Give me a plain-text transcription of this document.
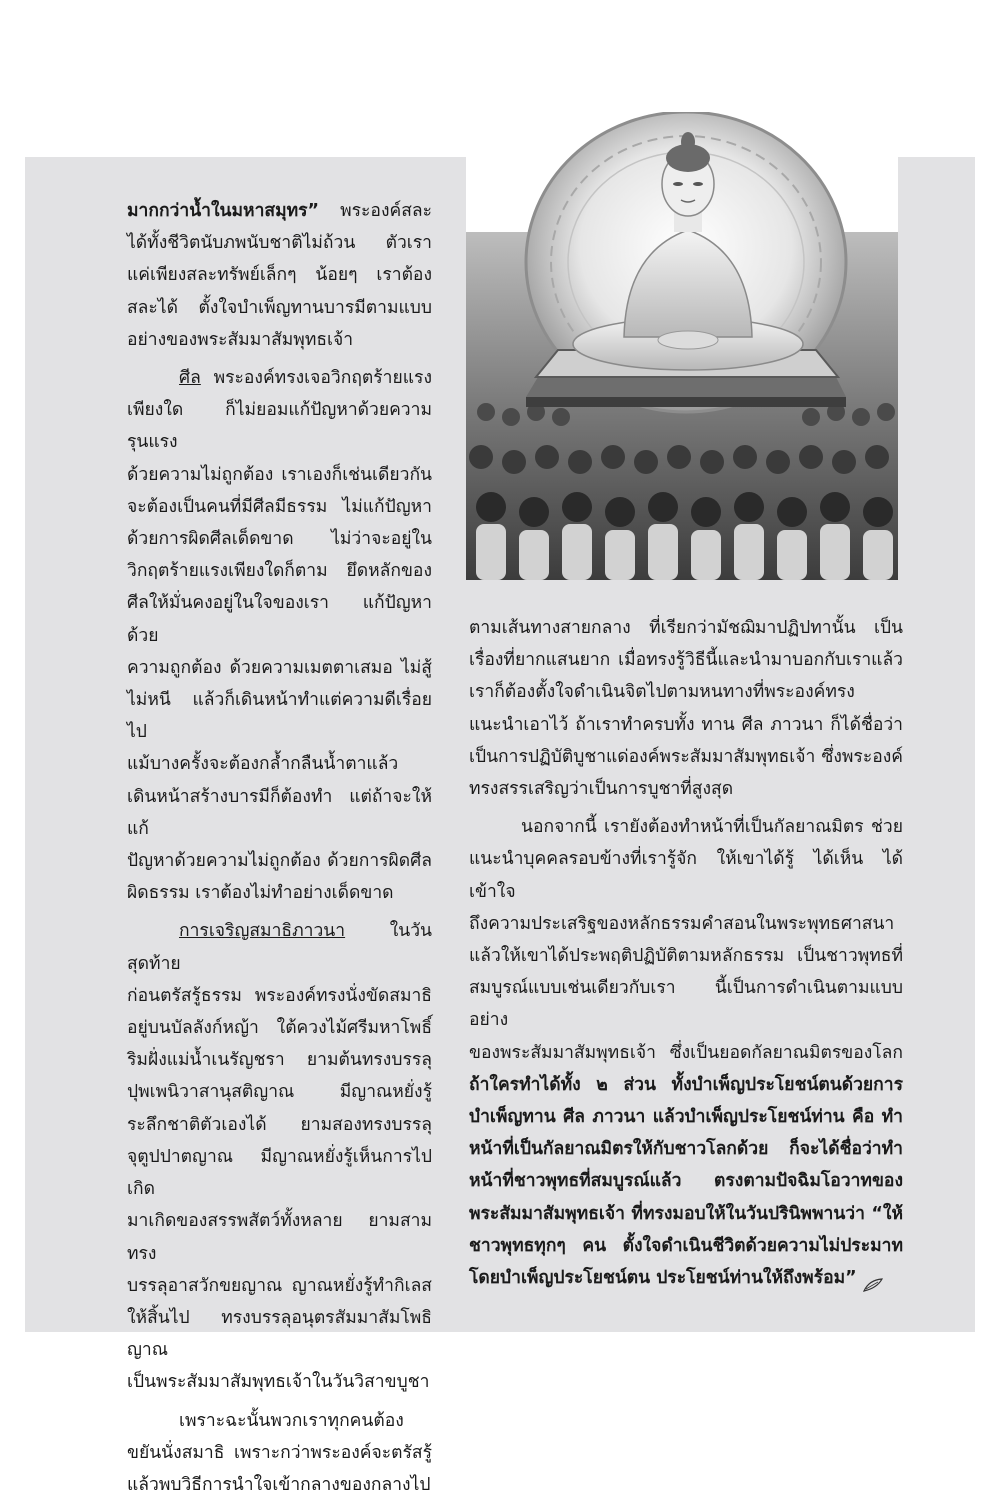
มากกว่าน้ำในมหาสมุทร” พระองค์สละ

ได้ทั้งชีวิตนับภพนับชาติไม่ถ้วน ตัวเรา

แค่เพียงสละทรัพย์เล็กๆ น้อยๆ เราต้อง

สละได้ ตั้งใจบำเพ็ญทานบารมีตามแบบ

อย่างของพระสัมมาสัมพุทธเจ้า

ศีล พระองค์ทรงเจอวิกฤตร้ายแรง

เพียงใด ก็ไม่ยอมแก้ปัญหาด้วยความรุนแรง

ด้วยความไม่ถูกต้อง เราเองก็เช่นเดียวกัน

จะต้องเป็นคนที่มีศีลมีธรรม ไม่แก้ปัญหา

ด้วยการผิดศีลเด็ดขาด ไม่ว่าจะอยู่ใน

วิกฤตร้ายแรงเพียงใดก็ตาม ยึดหลักของ

ศีลให้มั่นคงอยู่ในใจของเรา แก้ปัญหาด้วย

ความถูกต้อง ด้วยความเมตตาเสมอ ไม่สู้

ไม่หนี แล้วก็เดินหน้าทำแต่ความดีเรื่อยไป

แม้บางครั้งจะต้องกล้ำกลืนน้ำตาแล้ว

เดินหน้าสร้างบารมีก็ต้องทำ แต่ถ้าจะให้แก้

ปัญหาด้วยความไม่ถูกต้อง ด้วยการผิดศีล

ผิดธรรม เราต้องไม่ทำอย่างเด็ดขาด

การเจริญสมาธิภาวนา ในวันสุดท้าย

ก่อนตรัสรู้ธรรม พระองค์ทรงนั่งขัดสมาธิ

อยู่บนบัลลังก์หญ้า ใต้ควงไม้ศรีมหาโพธิ์

ริมฝั่งแม่น้ำเนรัญชรา ยามต้นทรงบรรลุ

ปุพเพนิวาสานุสติญาณ มีญาณหยั่งรู้

ระลึกชาติตัวเองได้ ยามสองทรงบรรลุ

จุตูปปาตญาณ มีญาณหยั่งรู้เห็นการไปเกิด

มาเกิดของสรรพสัตว์ทั้งหลาย ยามสาม ทรง

บรรลุอาสวักขยญาณ ญาณหยั่งรู้ทำกิเลส

ให้สิ้นไป ทรงบรรลุอนุตรสัมมาสัมโพธิญาณ

เป็นพระสัมมาสัมพุทธเจ้าในวันวิสาขบูชา

เพราะฉะนั้นพวกเราทุกคนต้อง

ขยันนั่งสมาธิ เพราะกว่าพระองค์จะตรัสรู้

แล้วพบวิธีการนำใจเข้ากลางของกลางไป

ตามเส้นทางสายกลาง ที่เรียกว่ามัชฌิมาปฏิปทานั้น เป็น

เรื่องที่ยากแสนยาก เมื่อทรงรู้วิธีนี้และนำมาบอกกับเราแล้ว

เราก็ต้องตั้งใจดำเนินจิตไปตามหนทางที่พระองค์ทรง

แนะนำเอาไว้ ถ้าเราทำครบทั้ง ทาน ศีล ภาวนา ก็ได้ชื่อว่า

เป็นการปฏิบัติบูชาแด่องค์พระสัมมาสัมพุทธเจ้า ซึ่งพระองค์

ทรงสรรเสริญว่าเป็นการบูชาที่สูงสุด

นอกจากนี้ เรายังต้องทำหน้าที่เป็นกัลยาณมิตร ช่วย

แนะนำบุคคลรอบข้างที่เรารู้จัก ให้เขาได้รู้ ได้เห็น ได้เข้าใจ

ถึงความประเสริฐของหลักธรรมคำสอนในพระพุทธศาสนา

แล้วให้เขาได้ประพฤติปฏิบัติตามหลักธรรม เป็นชาวพุทธที่

สมบูรณ์แบบเช่นเดียวกับเรา นี้เป็นการดำเนินตามแบบอย่าง

ของพระสัมมาสัมพุทธเจ้า ซึ่งเป็นยอดกัลยาณมิตรของโลก

ถ้าใครทำได้ทั้ง ๒ ส่วน ทั้งบำเพ็ญประโยชน์ตนด้วยการ

บำเพ็ญทาน ศีล ภาวนา แล้วบำเพ็ญประโยชน์ท่าน คือ ทำ

หน้าที่เป็นกัลยาณมิตรให้กับชาวโลกด้วย ก็จะได้ชื่อว่าทำ

หน้าที่ชาวพุทธที่สมบูรณ์แล้ว ตรงตามปัจฉิมโอวาทของ

พระสัมมาสัมพุทธเจ้า ที่ทรงมอบให้ในวันปรินิพพานว่า “ให้

ชาวพุทธทุกๆ คน ตั้งใจดำเนินชีวิตด้วยความไม่ประมาท

โดยบำเพ็ญประโยชน์ตน ประโยชน์ท่านให้ถึงพร้อม”
